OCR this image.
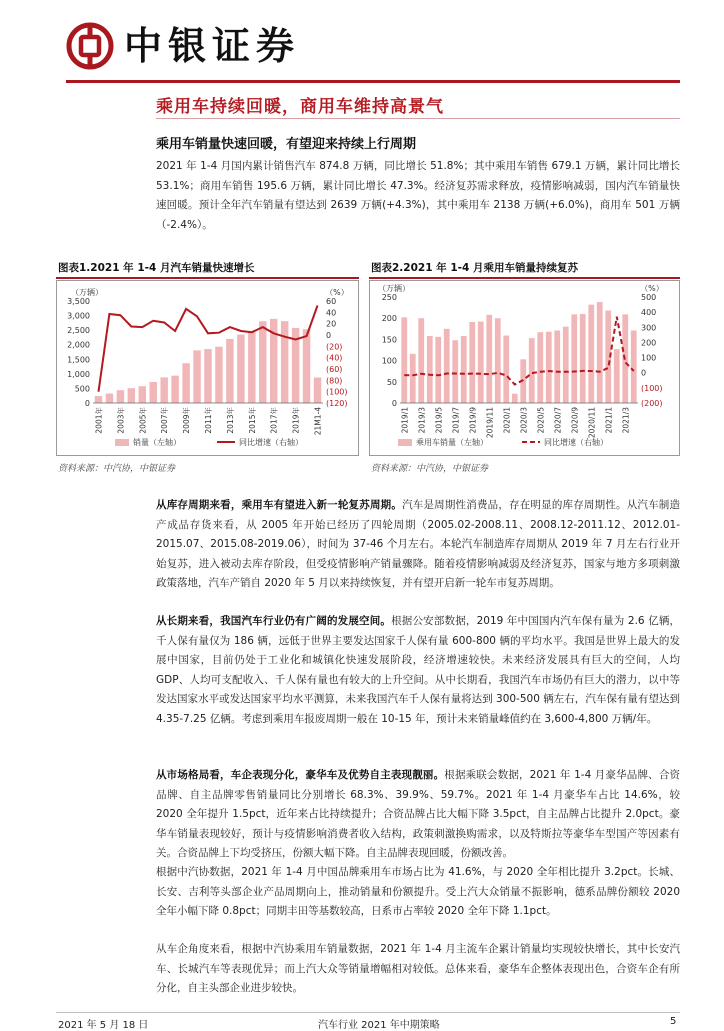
中银证券
乘用车持续回暖，商用车维持高景气
乘用车销量快速回暖，有望迎来持续上行周期
2021 年 1-4 月国内累计销售汽车 874.8 万辆，同比增长 51.8%；其中乘用车销售 679.1 万辆，累计同比增长 53.1%；商用车销售 195.6 万辆，累计同比增长 47.3%。经济复苏需求释放，疫情影响减弱，国内汽车销量快速回暖。预计全年汽车销量有望达到 2639 万辆(+4.3%)，其中乘用车 2138 万辆(+6.0%)，商用车 501 万辆（-2.4%）。
图表1.2021 年 1-4 月汽车销量快速增长
（万辆）	（%）
0
500
1,000
1,500
2,000
2,500
3,000
3,500
(120)
(100)
(80)
(60)
(40)
(20)
0
20
40
60
2001年 2003年 2005年 2007年 2009年 2011年 2013年 2015年 2017年 2019年 21M1-4
销量（左轴）	同比增速（右轴）
资料来源：中汽协，中银证券
图表2.2021 年 1-4 月乘用车销量持续复苏
（万辆）	（%）
0
50
100
150
200
250
(200)
(100)
0
100
200
300
400
500
2019/1 2019/3 2019/5 2019/7 2019/9 2019/11 2020/1 2020/3 2020/5 2020/7 2020/9 2020/11 2021/1 2021/3
乘用车销量（左轴）	同比增速（右轴）
资料来源：中汽协，中银证券
从库存周期来看，乘用车有望进入新一轮复苏周期。汽车是周期性消费品，存在明显的库存周期性。从汽车制造产成品存货来看，从 2005 年开始已经历了四轮周期（2005.02-2008.11、2008.12-2011.12、2012.01-2015.07、2015.08-2019.06），时间为 37-46 个月左右。本轮汽车制造库存周期从 2019 年 7 月左右行业开始复苏，进入被动去库存阶段，但受疫情影响产销量骤降。随着疫情影响减弱及经济复苏，国家与地方多项刺激政策落地，汽车产销自 2020 年 5 月以来持续恢复，并有望开启新一轮车市复苏周期。
从长期来看，我国汽车行业仍有广阔的发展空间。根据公安部数据，2019 年中国国内汽车保有量为 2.6 亿辆，千人保有量仅为 186 辆，远低于世界主要发达国家千人保有量 600-800 辆的平均水平。我国是世界上最大的发展中国家，目前仍处于工业化和城镇化快速发展阶段，经济增速较快。未来经济发展具有巨大的空间，人均 GDP、人均可支配收入、千人保有量也有较大的上升空间。从中长期看，我国汽车市场仍有巨大的潜力，以中等发达国家水平或发达国家平均水平测算，未来我国汽车千人保有量将达到 300-500 辆左右，汽车保有量有望达到 4.35-7.25 亿辆。考虑到乘用车报废周期一般在 10-15 年，预计未来销量峰值约在 3,600-4,800 万辆/年。
从市场格局看，车企表现分化，豪华车及优势自主表现靓丽。根据乘联会数据，2021 年 1-4 月豪华品牌、合资品牌、自主品牌零售销量同比分别增长 68.3%、39.9%、59.7%。2021 年 1-4 月豪华车占比 14.6%，较 2020 全年提升 1.5pct，近年来占比持续提升；合资品牌占比大幅下降 3.5pct，自主品牌占比提升 2.0pct。豪华车销量表现较好，预计与疫情影响消费者收入结构，政策刺激换购需求，以及特斯拉等豪华车型国产等因素有关。合资品牌上下均受挤压，份额大幅下降。自主品牌表现回暖，份额改善。
根据中汽协数据，2021 年 1-4 月中国品牌乘用车市场占比为 41.6%，与 2020 全年相比提升 3.2pct。长城、长安、吉利等头部企业产品周期向上，推动销量和份额提升。受上汽大众销量不振影响，德系品牌份额较 2020 全年小幅下降 0.8pct；同期丰田等基数较高，日系市占率较 2020 全年下降 1.1pct。
从车企角度来看，根据中汽协乘用车销量数据，2021 年 1-4 月主流车企累计销量均实现较快增长，其中长安汽车、长城汽车等表现优异；而上汽大众等销量增幅相对较低。总体来看，豪华车企整体表现出色，合资车企有所分化，自主头部企业进步较快。
2021 年 5 月 18 日	汽车行业 2021 年中期策略	5
